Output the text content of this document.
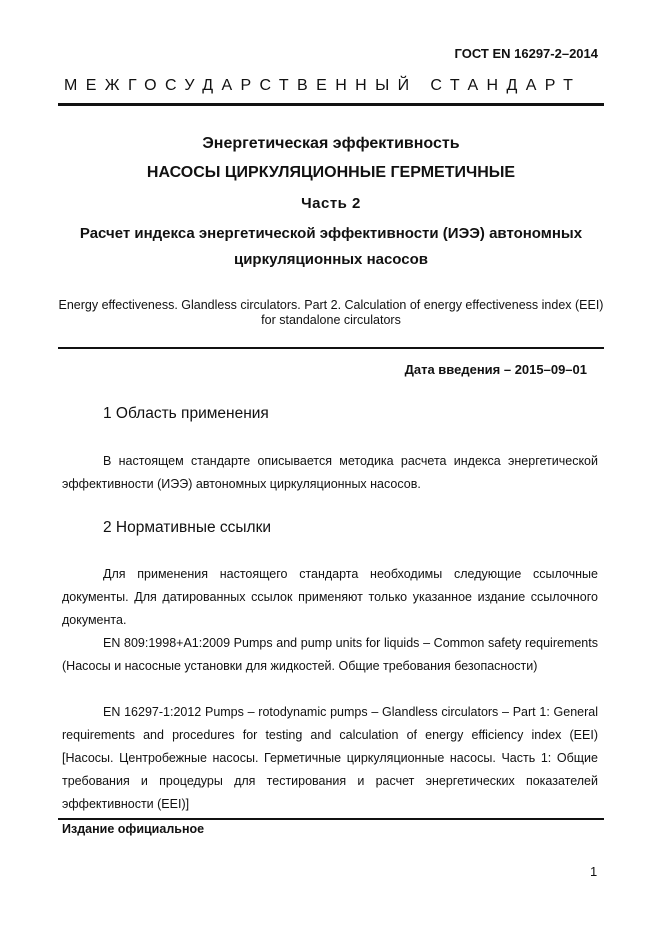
ГОСТ EN 16297-2–2014
МЕЖГОСУДАРСТВЕННЫЙ СТАНДАРТ
Энергетическая эффективность
НАСОСЫ ЦИРКУЛЯЦИОННЫЕ ГЕРМЕТИЧНЫЕ
Часть 2
Расчет индекса энергетической эффективности (ИЭЭ) автономных циркуляционных насосов
Energy effectiveness. Glandless circulators. Part 2. Calculation of energy effectiveness index (EEI) for standalone circulators
Дата введения – 2015–09–01
1 Область применения
В настоящем стандарте описывается методика расчета индекса энергетической эффективности (ИЭЭ) автономных циркуляционных насосов.
2 Нормативные ссылки
Для применения настоящего стандарта необходимы следующие ссылочные документы. Для датированных ссылок применяют только указанное издание ссылочного документа.
EN 809:1998+A1:2009 Pumps and pump units for liquids – Common safety requirements (Насосы и насосные установки для жидкостей. Общие требования безопасности)
EN 16297-1:2012 Pumps – rotodynamic pumps – Glandless circulators – Part 1: General requirements and procedures for testing and calculation of energy efficiency index (EEI) [Насосы. Центробежные насосы. Герметичные циркуляционные насосы. Часть 1: Общие требования и процедуры для тестирования и расчет энергетических показателей эффективности (EEI)]
Издание официальное
1
